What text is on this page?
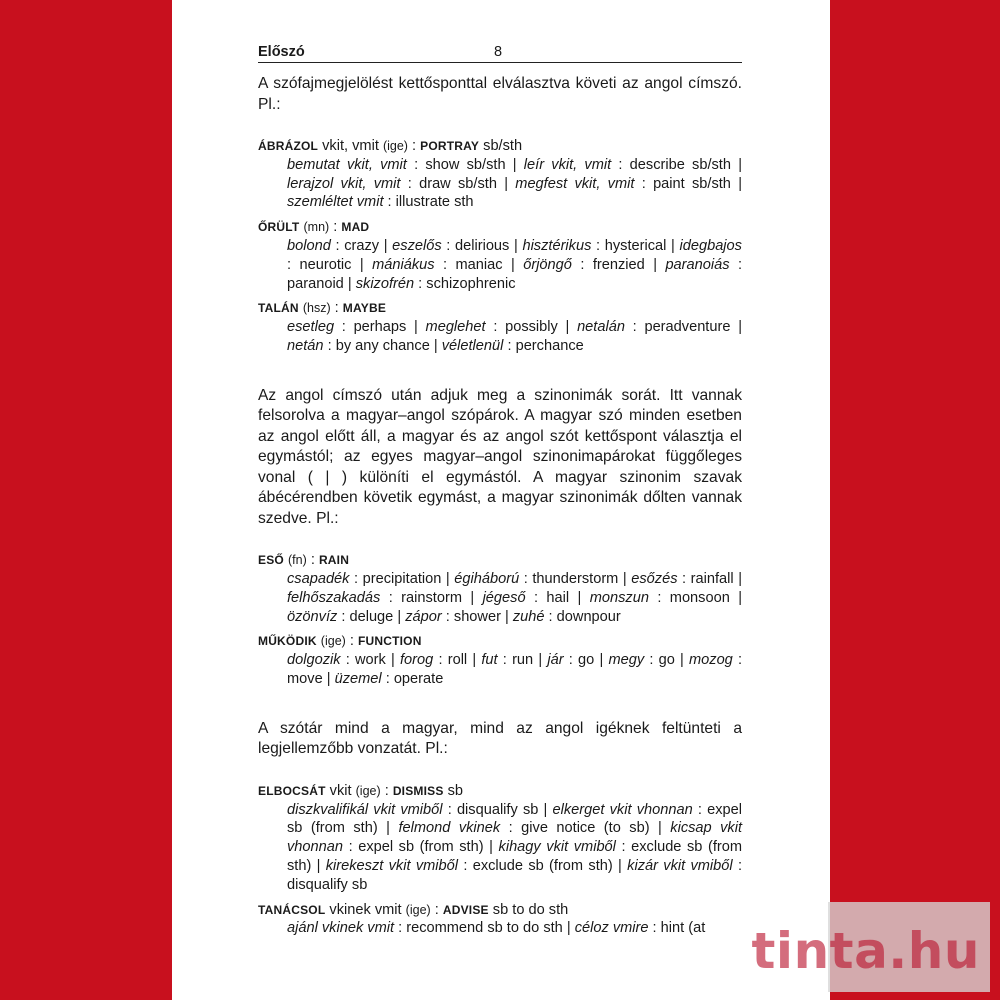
Előszó	8

A szófajmegjelölést kettősponttal elválasztva követi az angol címszó. Pl.:

ÁBRÁZOL vkit, vmit (ige) : PORTRAY sb/sth

bemutat vkit, vmit : show sb/sth | leír vkit, vmit : describe sb/sth | lerajzol vkit, vmit : draw sb/sth | megfest vkit, vmit : paint sb/sth | szemléltet vmit : illustrate sth

ŐRÜLT (mn) : MAD

bolond : crazy | eszelős : delirious | hisztérikus : hysterical | idegbajos : neurotic | mániákus : maniac | őrjöngő : frenzied | paranoiás : paranoid | skizofrén : schizophrenic

TALÁN (hsz) : MAYBE

esetleg : perhaps | meglehet : possibly | netalán : peradventure | netán : by any chance | véletlenül : perchance

Az angol címszó után adjuk meg a szinonimák sorát. Itt vannak felsorolva a magyar–angol szópárok. A magyar szó minden esetben az angol előtt áll, a magyar és az angol szót kettőspont választja el egymástól; az egyes magyar–angol szinonimapárokat függőleges vonal ( | ) különíti el egymástól. A magyar szinonim szavak ábécérendben követik egymást, a magyar szinonimák dőlten vannak szedve. Pl.:

ESŐ (fn) : RAIN

csapadék : precipitation | égiháború : thunderstorm | esőzés : rainfall | felhőszakadás : rainstorm | jégeső : hail | monszun : monsoon | özönvíz : deluge | zápor : shower | zuhé : downpour

MŰKÖDIK (ige) : FUNCTION

dolgozik : work | forog : roll | fut : run | jár : go | megy : go | mozog : move | üzemel : operate

A szótár mind a magyar, mind az angol igéknek feltünteti a legjellemzőbb vonzatát. Pl.:

ELBOCSÁT vkit (ige) : DISMISS sb

diszkvalifikál vkit vmiből : disqualify sb | elkerget vkit vhonnan : expel sb (from sth) | felmond vkinek : give notice (to sb) | kicsap vkit vhonnan : expel sb (from sth) | kihagy vkit vmiből : exclude sb (from sth) | kirekeszt vkit vmiből : exclude sb (from sth) | kizár vkit vmiből : disqualify sb

TANÁCSOL vkinek vmit (ige) : ADVISE sb to do sth

ajánl vkinek vmit : recommend sb to do sth | céloz vmire : hint (at tinta.hu
